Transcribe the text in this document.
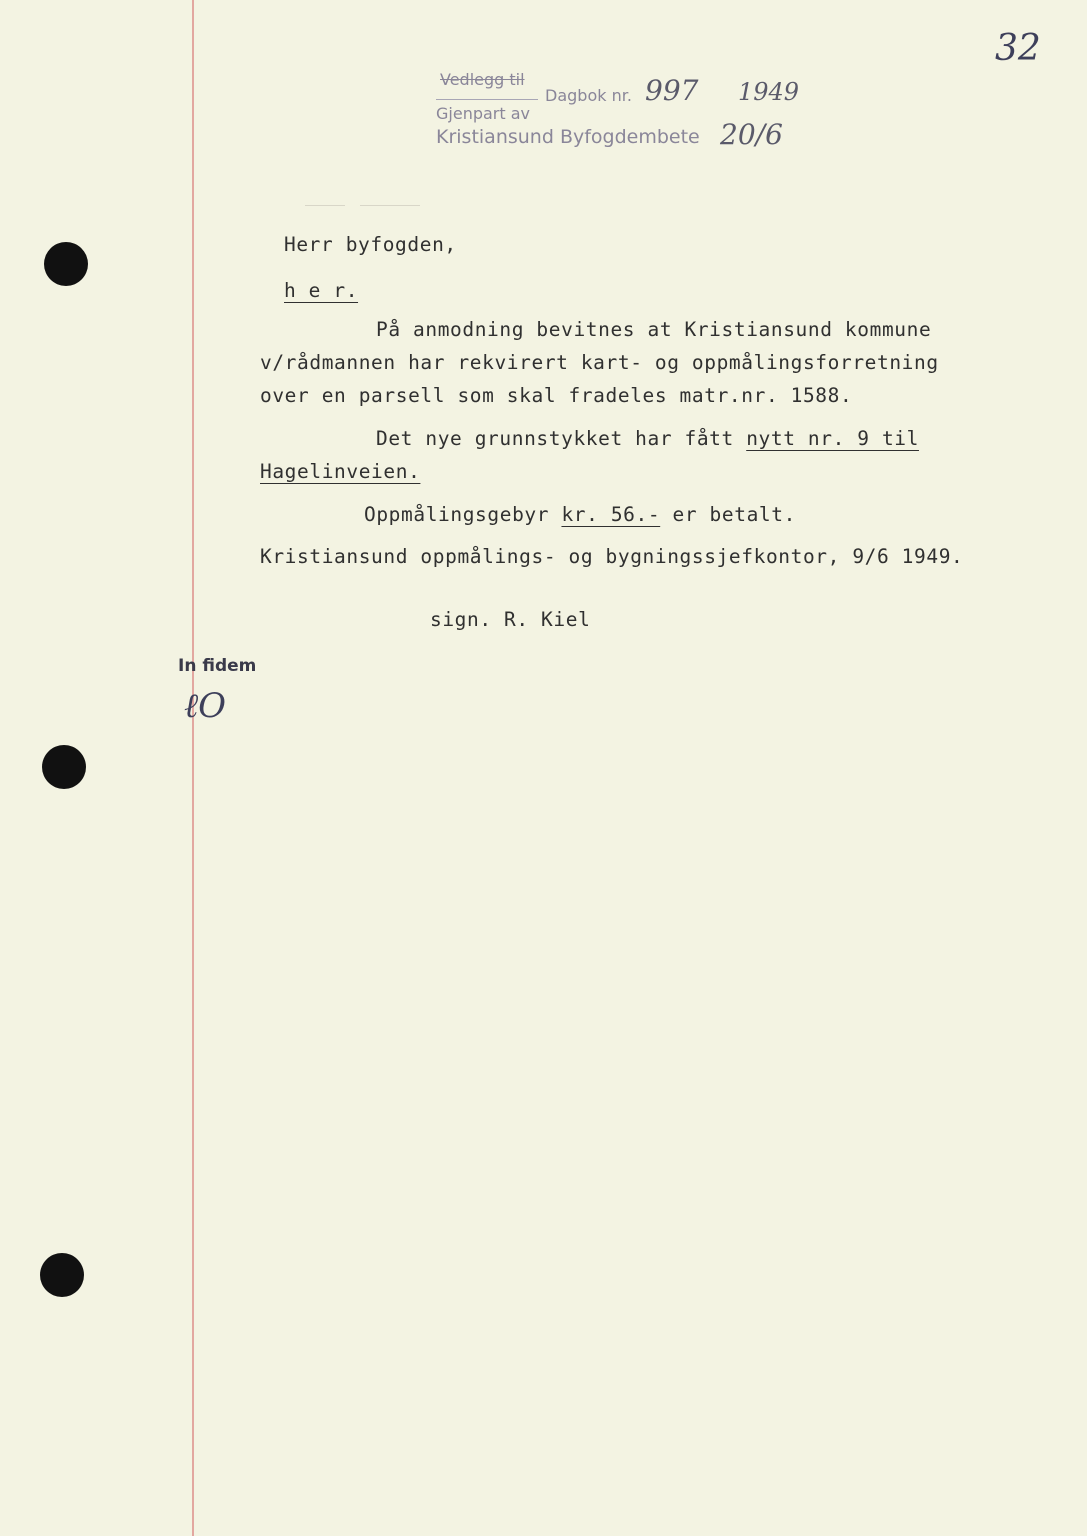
32
Vedlegg til
Gjenpart av
Dagbok nr. 997 1949
Kristiansund Byfogdembete 20/6
Herr byfogden,
h e r.
På anmodning bevitnes at Kristiansund kommune
v/rådmannen har rekvirert kart- og oppmålingsforretning
over en parsell som skal fradeles matr.nr. 1588.
Det nye grunnstykket har fått nytt nr. 9 til
Hagelinveien.
Oppmålingsgebyr kr. 56.- er betalt.
Kristiansund oppmålings- og bygningssjefkontor, 9/6 1949.
sign. R. Kiel
In fidem
ℓO
